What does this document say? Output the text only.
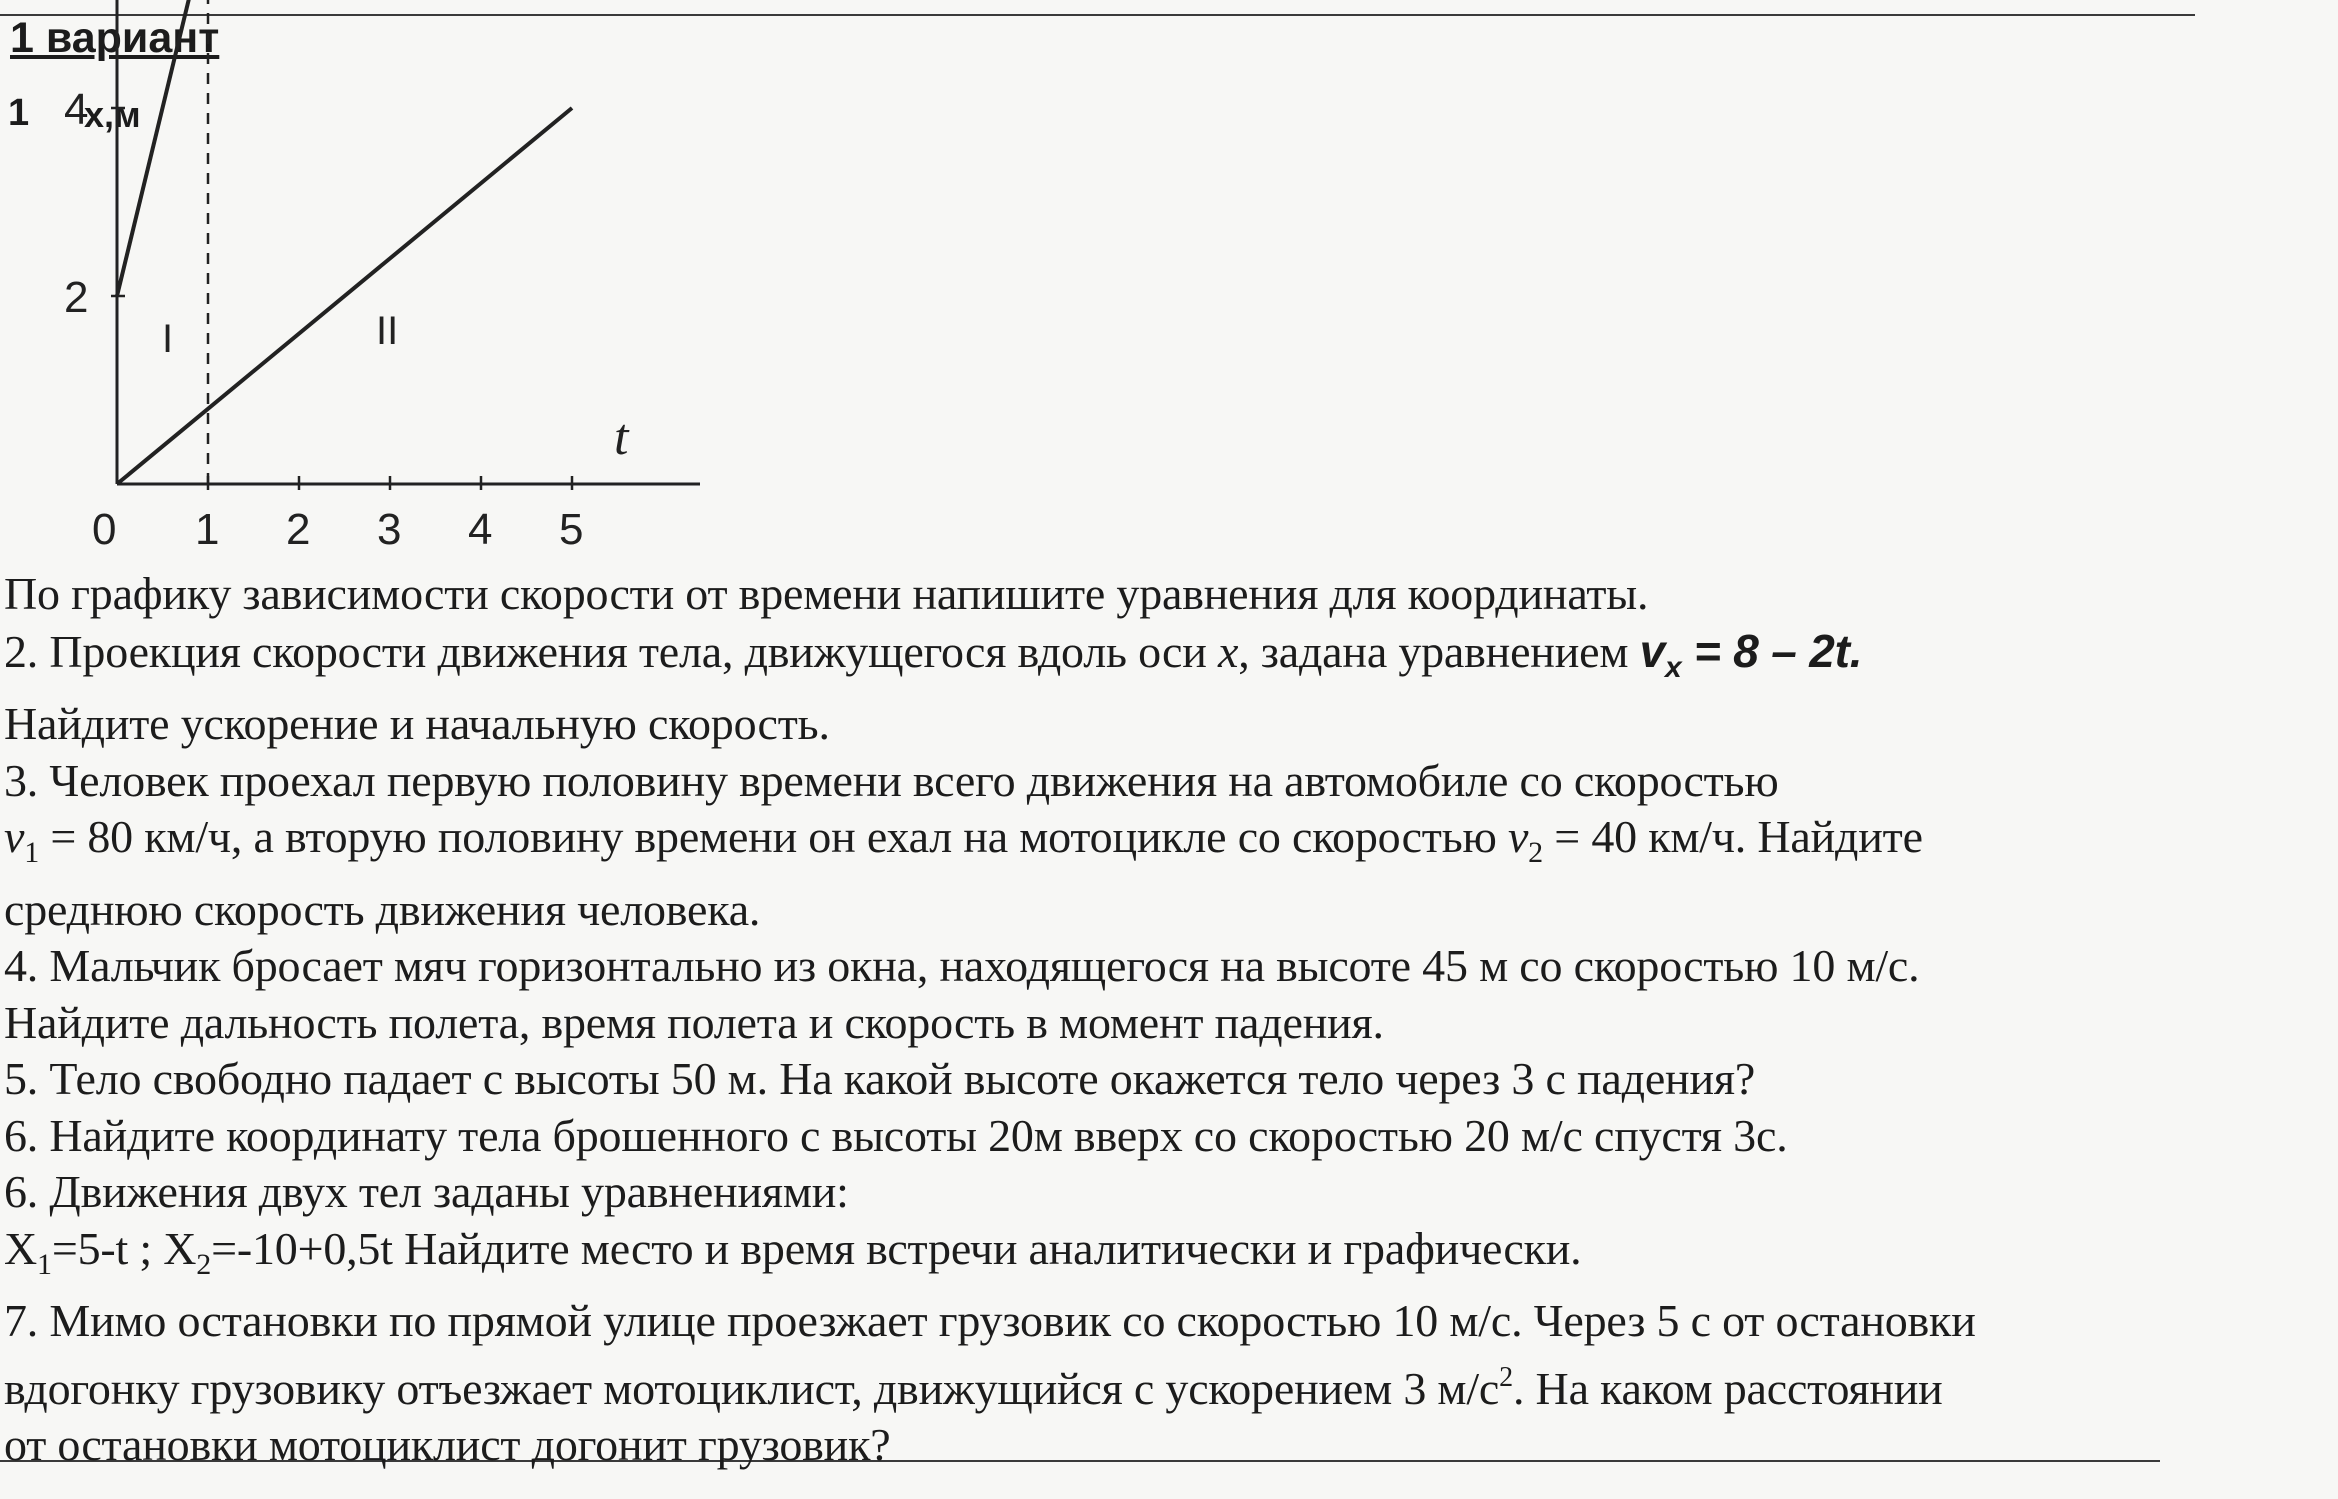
1 вариант
1 x,м
t
I	II
0 1 2 3 4 5
2
4
По графику зависимости скорости от времени напишите уравнения для координаты.
2. Проекция скорости движения тела, движущегося вдоль оси x, задана уравнением $v_x = 8 - 2t$.
Найдите ускорение и начальную скорость.
3. Человек проехал первую половину времени всего движения на автомобиле со скоростью
$v_1 = 80$ км/ч, а вторую половину времени он ехал на мотоцикле со скоростью $v_2 = 40$ км/ч. Найдите
среднюю скорость движения человека.
4. Мальчик бросает мяч горизонтально из окна, находящегося на высоте 45 м со скоростью 10 м/с.
Найдите дальность полета, время полета и скорость в момент падения.
5. Тело свободно падает с высоты 50 м. На какой высоте окажется тело через 3 с падения?
6. Найдите координату тела брошенного с высоты 20м вверх со скоростью 20 м/с спустя 3с.
6. Движения двух тел заданы уравнениями:
$X_1=5-t$ ; $X_2=-10+0,5t$ Найдите место и время встречи аналитически и графически.
7. Мимо остановки по прямой улице проезжает грузовик со скоростью 10 м/с. Через 5 с от остановки
вдогонку грузовику отъезжает мотоциклист, движущийся с ускорением 3 $м/с^2$. На каком расстоянии
от остановки мотоциклист догонит грузовик?
